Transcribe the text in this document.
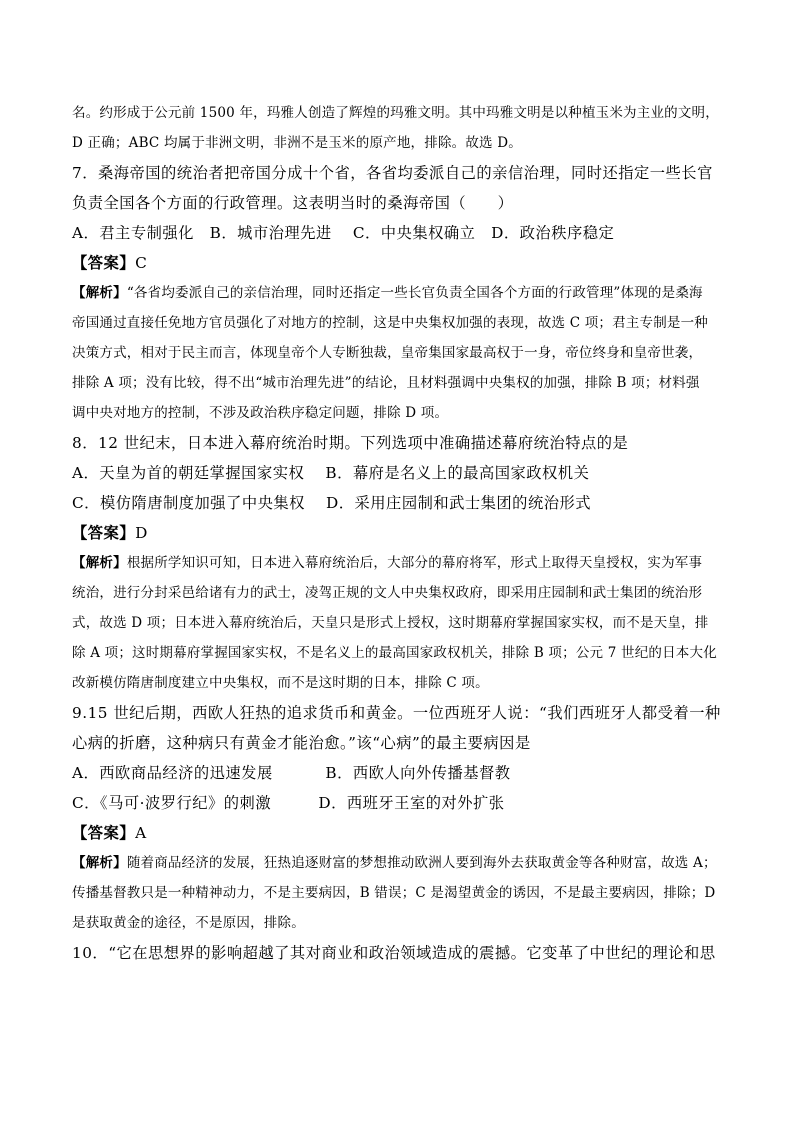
名。约形成于公元前 1500 年，玛雅人创造了辉煌的玛雅文明。其中玛雅文明是以种植玉米为主业的文明，
D 正确；ABC 均属于非洲文明，非洲不是玉米的原产地，排除。故选 D。
7．桑海帝国的统治者把帝国分成十个省，各省均委派自己的亲信治理，同时还指定一些长官
负责全国各个方面的行政管理。这表明当时的桑海帝国（　　）
A．君主专制强化　B．城市治理先进　 C．中央集权确立　D．政治秩序稳定
【答案】C
【解析】“各省均委派自己的亲信治理，同时还指定一些长官负责全国各个方面的行政管理”体现的是桑海
帝国通过直接任免地方官员强化了对地方的控制，这是中央集权加强的表现，故选 C 项；君主专制是一种
决策方式，相对于民主而言，体现皇帝个人专断独裁，皇帝集国家最高权于一身，帝位终身和皇帝世袭，
排除 A 项；没有比较，得不出“城市治理先进”的结论，且材料强调中央集权的加强，排除 B 项；材料强
调中央对地方的控制，不涉及政治秩序稳定问题，排除 D 项。
8．12 世纪末，日本进入幕府统治时期。下列选项中准确描述幕府统治特点的是
A．天皇为首的朝廷掌握国家实权　 B．幕府是名义上的最高国家政权机关
C．模仿隋唐制度加强了中央集权　 D．采用庄园制和武士集团的统治形式
【答案】D
【解析】根据所学知识可知，日本进入幕府统治后，大部分的幕府将军，形式上取得天皇授权，实为军事
统治，进行分封采邑给诸有力的武士，凌驾正规的文人中央集权政府，即采用庄园制和武士集团的统治形
式，故选 D 项；日本进入幕府统治后，天皇只是形式上授权，这时期幕府掌握国家实权，而不是天皇，排
除 A 项；这时期幕府掌握国家实权，不是名义上的最高国家政权机关，排除 B 项；公元 7 世纪的日本大化
改新模仿隋唐制度建立中央集权，而不是这时期的日本，排除 C 项。
9.15 世纪后期，西欧人狂热的追求货币和黄金。一位西班牙人说：“我们西班牙人都受着一种
心病的折磨，这种病只有黄金才能治愈。”该“心病”的最主要病因是
A．西欧商品经济的迅速发展　　　 B．西欧人向外传播基督教
C．《马可·波罗行纪》的刺激　　　D．西班牙王室的对外扩张
【答案】A
【解析】随着商品经济的发展，狂热追逐财富的梦想推动欧洲人要到海外去获取黄金等各种财富，故选 A；
传播基督教只是一种精神动力，不是主要病因，B 错误；C 是渴望黄金的诱因，不是最主要病因，排除；D
是获取黄金的途径，不是原因，排除。
10．“它在思想界的影响超越了其对商业和政治领域造成的震撼。它变革了中世纪的理论和思
